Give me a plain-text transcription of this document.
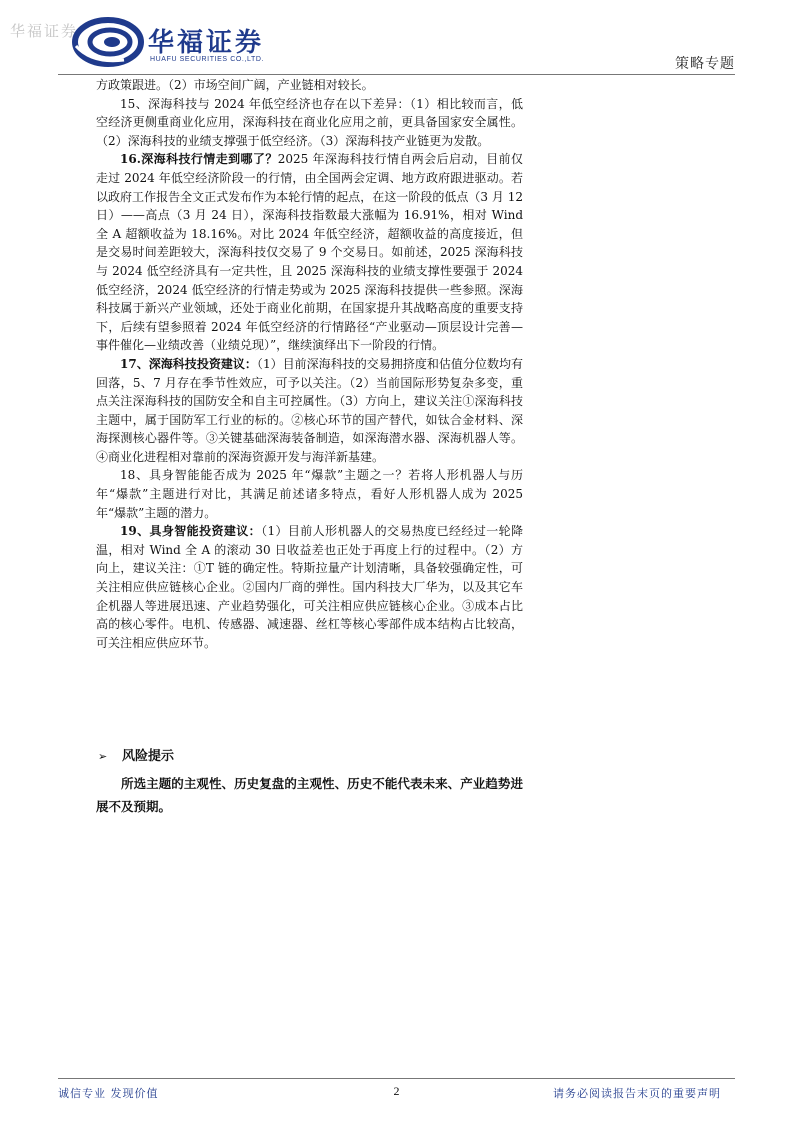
华福证券	华福证券
HUAFU SECURITIES CO.,LTD.	策略专题

方政策跟进。（2）市场空间广阔，产业链相对较长。

15、深海科技与 2024 年低空经济也存在以下差异：（1）相比较而言，低空经济更侧重商业化应用，深海科技在商业化应用之前，更具备国家安全属性。（2）深海科技的业绩支撑强于低空经济。（3）深海科技产业链更为发散。

16.深海科技行情走到哪了？2025 年深海科技行情自两会后启动，目前仅走过 2024 年低空经济阶段一的行情，由全国两会定调、地方政府跟进驱动。若以政府工作报告全文正式发布作为本轮行情的起点，在这一阶段的低点（3 月 12 日）——高点（3 月 24 日），深海科技指数最大涨幅为 16.91%，相对 Wind 全 A 超额收益为 18.16%。对比 2024 年低空经济，超额收益的高度接近，但是交易时间差距较大，深海科技仅交易了 9 个交易日。如前述，2025 深海科技与 2024 低空经济具有一定共性，且 2025 深海科技的业绩支撑性要强于 2024 低空经济，2024 低空经济的行情走势或为 2025 深海科技提供一些参照。深海科技属于新兴产业领域，还处于商业化前期，在国家提升其战略高度的重要支持下，后续有望参照着 2024 年低空经济的行情路径“产业驱动—顶层设计完善—事件催化—业绩改善（业绩兑现）”，继续演绎出下一阶段的行情。

17、深海科技投资建议：（1）目前深海科技的交易拥挤度和估值分位数均有回落，5、7 月存在季节性效应，可予以关注。（2）当前国际形势复杂多变，重点关注深海科技的国防安全和自主可控属性。（3）方向上，建议关注①深海科技主题中，属于国防军工行业的标的。②核心环节的国产替代，如钛合金材料、深海探测核心器件等。③关键基础深海装备制造，如深海潜水器、深海机器人等。④商业化进程相对靠前的深海资源开发与海洋新基建。

18、具身智能能否成为 2025 年“爆款”主题之一？若将人形机器人与历年“爆款”主题进行对比，其满足前述诸多特点，看好人形机器人成为 2025 年“爆款”主题的潜力。

19、具身智能投资建议：（1）目前人形机器人的交易热度已经经过一轮降温，相对 Wind 全 A 的滚动 30 日收益差也正处于再度上行的过程中。（2）方向上，建议关注：①T 链的确定性。特斯拉量产计划清晰，具备较强确定性，可关注相应供应链核心企业。②国内厂商的弹性。国内科技大厂华为，以及其它车企机器人等进展迅速、产业趋势强化，可关注相应供应链核心企业。③成本占比高的核心零件。电机、传感器、减速器、丝杠等核心零部件成本结构占比较高，可关注相应供应环节。

➢ 风险提示
所选主题的主观性、历史复盘的主观性、历史不能代表未来、产业趋势进展不及预期。
诚信专业 发现价值	2	请务必阅读报告末页的重要声明
